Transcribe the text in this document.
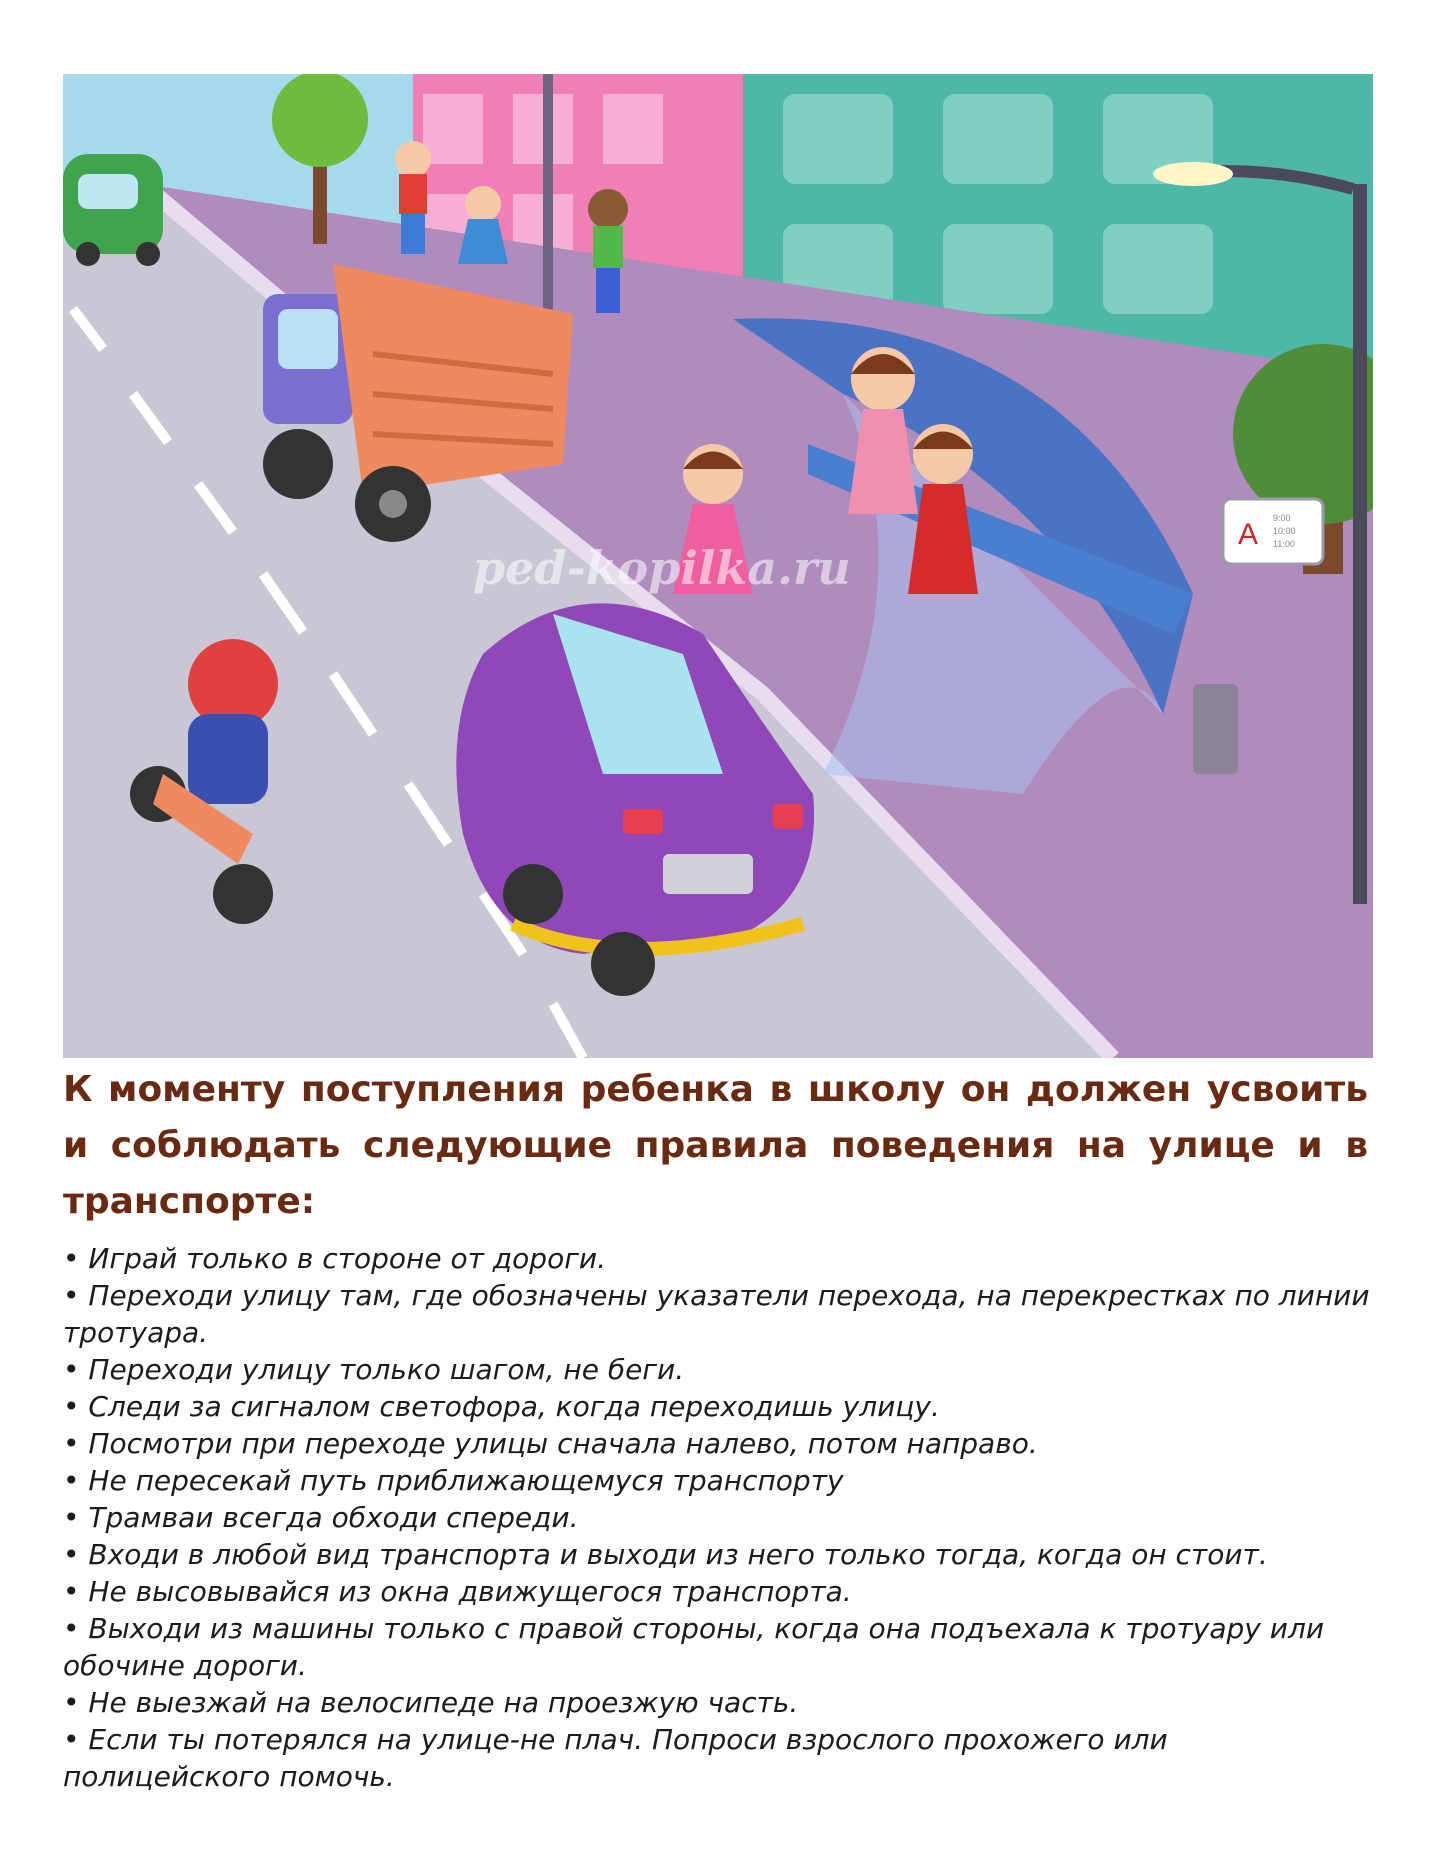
A 9:00
10:00
11:00
ped-kopilka.ru
К моменту поступления ребенка в школу он должен усвоить и соблюдать следующие правила поведения на улице и в транспорте:
• Играй только в стороне от дороги.
• Переходи улицу там, где обозначены указатели перехода, на перекрестках по линии тротуара.
• Переходи улицу только шагом, не беги.
• Следи за сигналом светофора, когда переходишь улицу.
• Посмотри при переходе улицы сначала налево, потом направо.
• Не пересекай путь приближающемуся транспорту
• Трамваи всегда обходи спереди.
• Входи в любой вид транспорта и выходи из него только тогда, когда он стоит.
• Не высовывайся из окна движущегося транспорта.
• Выходи из машины только с правой стороны, когда она подъехала к тротуару или обочине дороги.
• Не выезжай на велосипеде на проезжую часть.
• Если ты потерялся на улице-не плач. Попроси взрослого прохожего или полицейского помочь.
